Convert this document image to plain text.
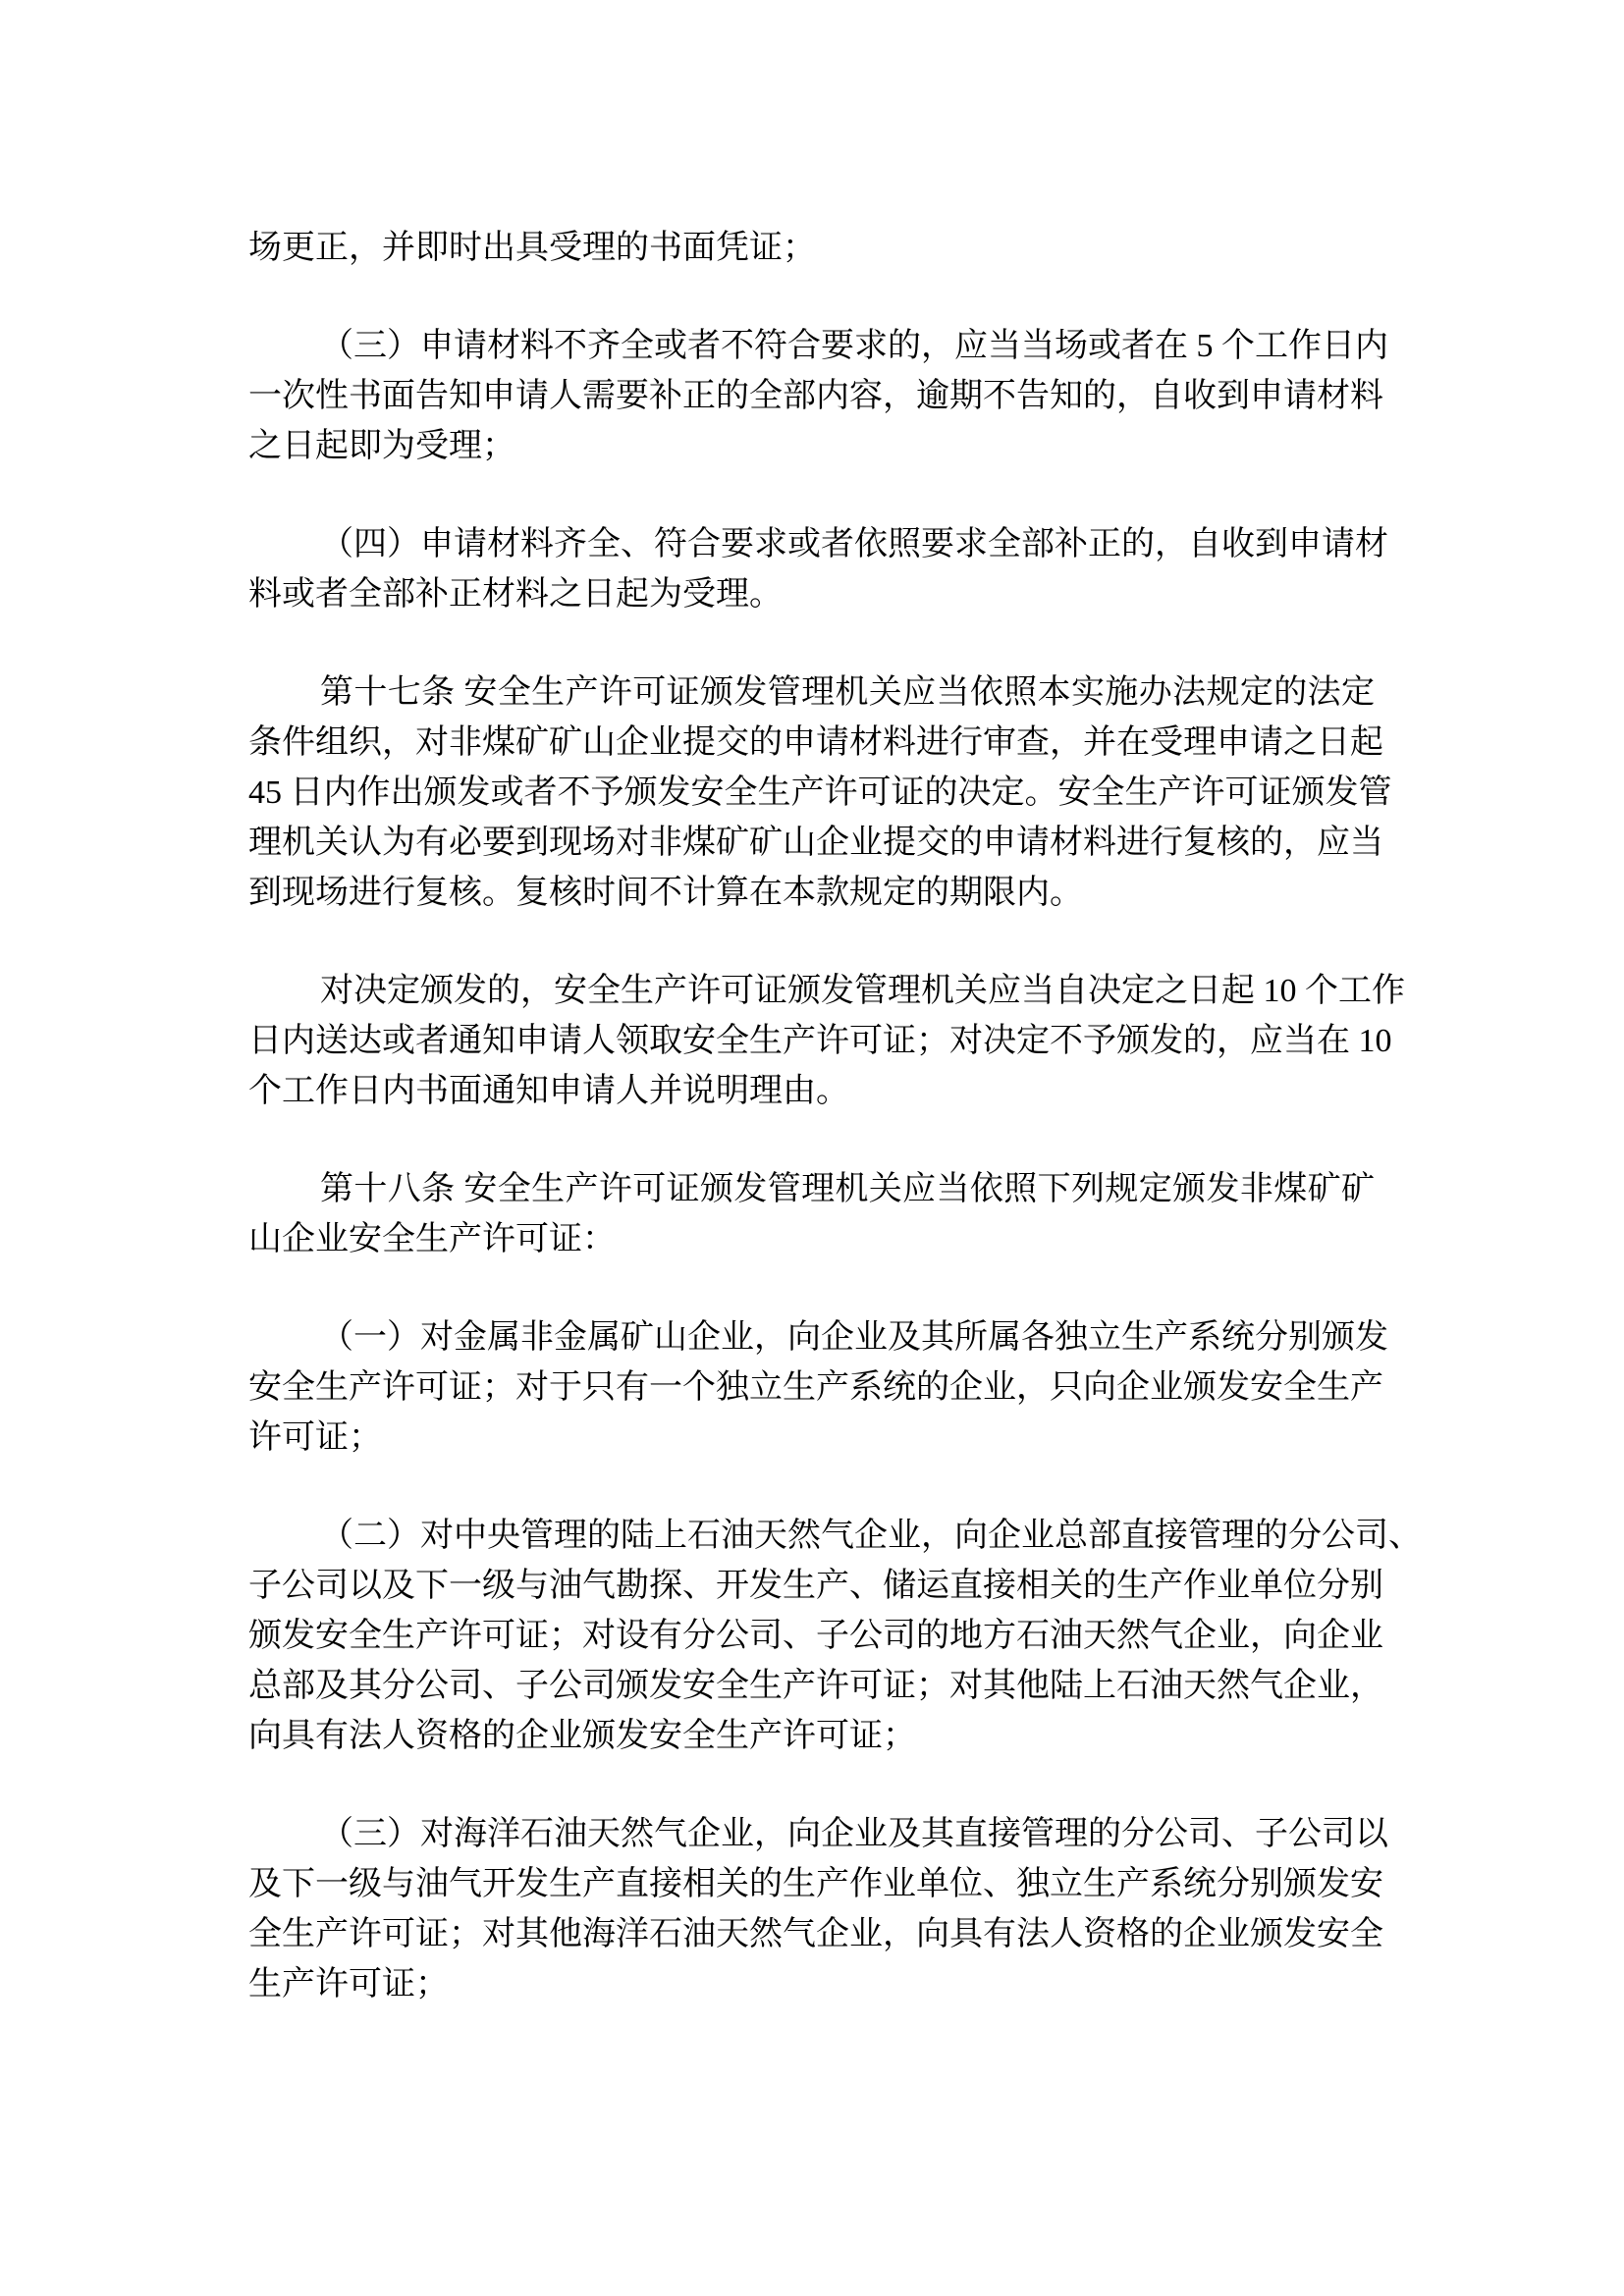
场更正，并即时出具受理的书面凭证；
（三）申请材料不齐全或者不符合要求的，应当当场或者在 5 个工作日内
一次性书面告知申请人需要补正的全部内容，逾期不告知的，自收到申请材料
之日起即为受理；
（四）申请材料齐全、符合要求或者依照要求全部补正的，自收到申请材
料或者全部补正材料之日起为受理。
第十七条 安全生产许可证颁发管理机关应当依照本实施办法规定的法定
条件组织，对非煤矿矿山企业提交的申请材料进行审查，并在受理申请之日起
45 日内作出颁发或者不予颁发安全生产许可证的决定。安全生产许可证颁发管
理机关认为有必要到现场对非煤矿矿山企业提交的申请材料进行复核的，应当
到现场进行复核。复核时间不计算在本款规定的期限内。
对决定颁发的，安全生产许可证颁发管理机关应当自决定之日起 10 个工作
日内送达或者通知申请人领取安全生产许可证；对决定不予颁发的，应当在 10
个工作日内书面通知申请人并说明理由。
第十八条 安全生产许可证颁发管理机关应当依照下列规定颁发非煤矿矿
山企业安全生产许可证：
（一）对金属非金属矿山企业，向企业及其所属各独立生产系统分别颁发
安全生产许可证；对于只有一个独立生产系统的企业，只向企业颁发安全生产
许可证；
（二）对中央管理的陆上石油天然气企业，向企业总部直接管理的分公司、
子公司以及下一级与油气勘探、开发生产、储运直接相关的生产作业单位分别
颁发安全生产许可证；对设有分公司、子公司的地方石油天然气企业，向企业
总部及其分公司、子公司颁发安全生产许可证；对其他陆上石油天然气企业，
向具有法人资格的企业颁发安全生产许可证；
（三）对海洋石油天然气企业，向企业及其直接管理的分公司、子公司以
及下一级与油气开发生产直接相关的生产作业单位、独立生产系统分别颁发安
全生产许可证；对其他海洋石油天然气企业，向具有法人资格的企业颁发安全
生产许可证；
